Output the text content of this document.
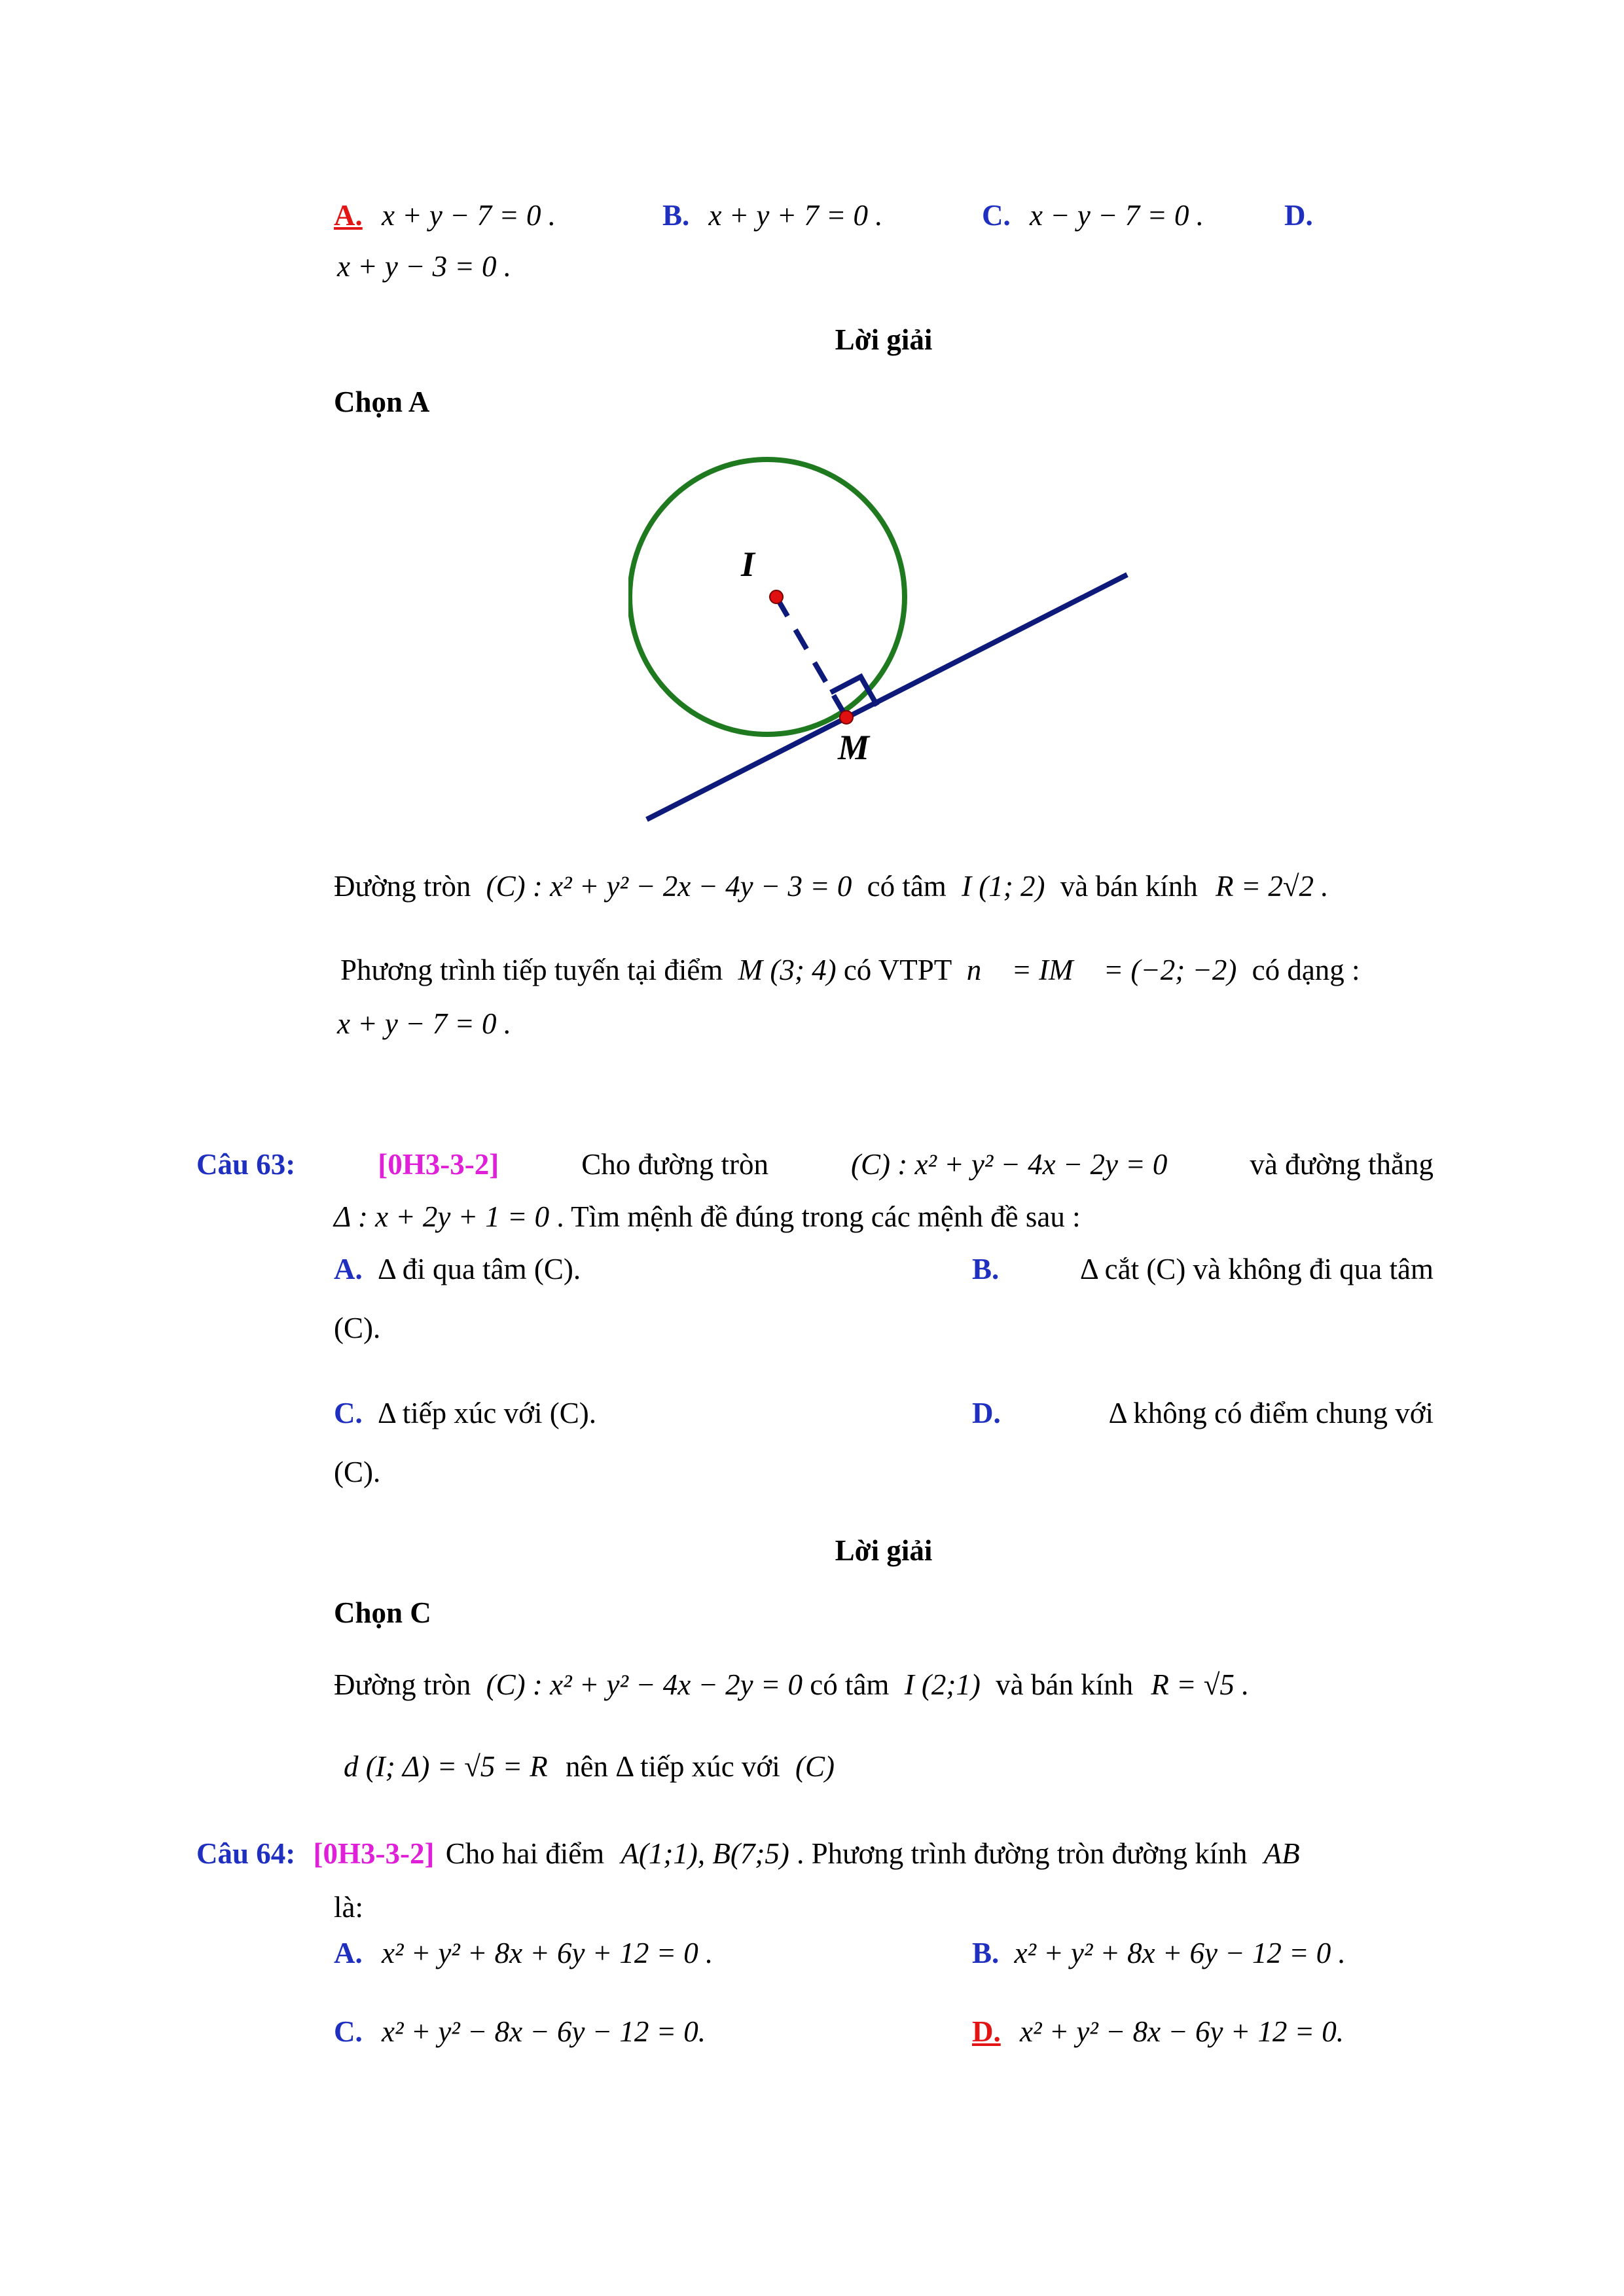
A. x + y − 7 = 0 .	B. x + y + 7 = 0 .	C. x − y − 7 = 0 .	D.
x + y − 3 = 0 .
Lời giải
Chọn A
I
M
Đường tròn (C) : x² + y² − 2x − 4y − 3 = 0 có tâm I (1; 2) và bán kính R = 2√2 .
Phương trình tiếp tuyến tại điểm M (3; 4) có VTPT n⃗ = IM⃗ = (−2; −2) có dạng :
x + y − 7 = 0 .
Câu 63:	[0H3-3-2]	Cho đường tròn	(C) : x² + y² − 4x − 2y = 0	và đường thẳng
Δ : x + 2y + 1 = 0 . Tìm mệnh đề đúng trong các mệnh đề sau :
A. Δ đi qua tâm (C).	B.	Δ cắt (C) và không đi qua tâm
(C).
C. Δ tiếp xúc với (C).	D.	Δ không có điểm chung với
(C).
Lời giải
Chọn C
Đường tròn (C) : x² + y² − 4x − 2y = 0 có tâm I (2;1) và bán kính R = √5 .
d (I; Δ) = √5 = R nên Δ tiếp xúc với (C)
Câu 64: [0H3-3-2] Cho hai điểm A(1;1), B(7;5) . Phương trình đường tròn đường kính AB
là:
A. x² + y² + 8x + 6y + 12 = 0 .	B. x² + y² + 8x + 6y − 12 = 0 .
C. x² + y² − 8x − 6y − 12 = 0.	D. x² + y² − 8x − 6y + 12 = 0.
